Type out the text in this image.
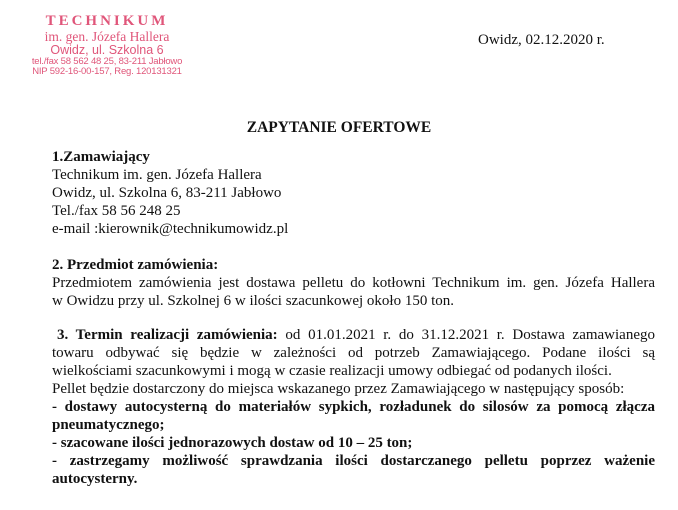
TECHNIKUM
im. gen. Józefa Hallera
Owidz, ul. Szkolna 6
tel./fax 58 562 48 25, 83-211 Jabłowo
NIP 592-16-00-157, Reg. 120131321
Owidz, 02.12.2020 r.
ZAPYTANIE OFERTOWE
1.Zamawiający
Technikum im. gen. Józefa Hallera
Owidz, ul. Szkolna 6, 83-211 Jabłowo
Tel./fax 58 56 248 25
e-mail :kierownik@technikumowidz.pl
2. Przedmiot zamówienia:
Przedmiotem zamówienia jest dostawa pelletu do kotłowni Technikum im. gen. Józefa Hallera
w Owidzu przy ul. Szkolnej 6 w ilości szacunkowej około 150 ton.
3. Termin realizacji zamówienia: od 01.01.2021 r. do 31.12.2021 r. Dostawa zamawianego
towaru odbywać się będzie w zależności od potrzeb Zamawiającego. Podane ilości są
wielkościami szacunkowymi i mogą w czasie realizacji umowy odbiegać od podanych ilości.
Pellet będzie dostarczony do miejsca wskazanego przez Zamawiającego w następujący sposób:
- dostawy autocysterną do materiałów sypkich, rozładunek do silosów za pomocą złącza
pneumatycznego;
- szacowane ilości jednorazowych dostaw od 10 – 25 ton;
- zastrzegamy możliwość sprawdzania ilości dostarczanego pelletu poprzez ważenie
autocysterny.
